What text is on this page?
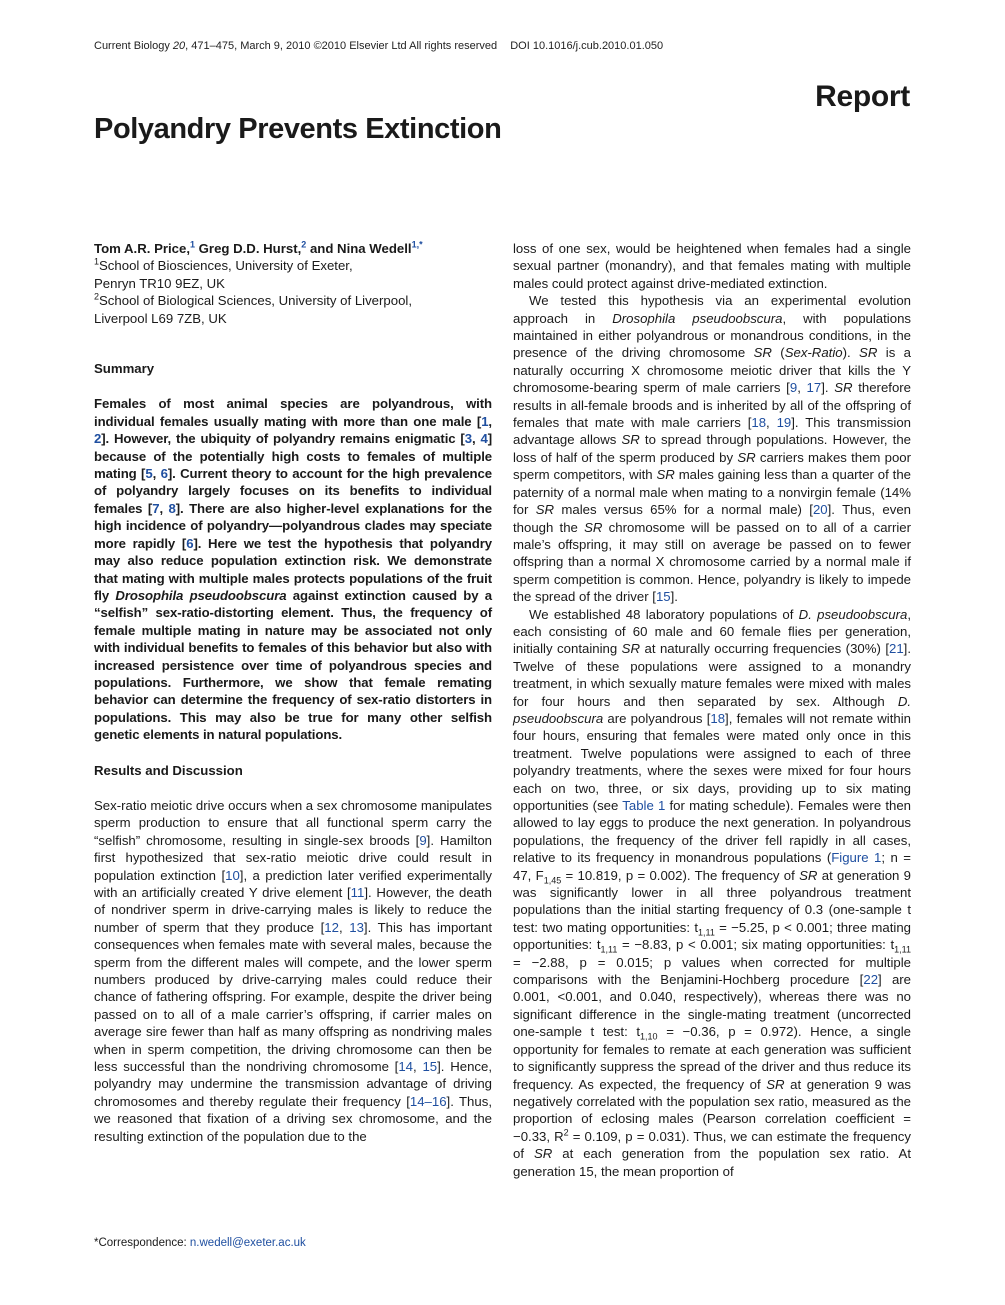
Current Biology 20, 471–475, March 9, 2010 ©2010 Elsevier Ltd All rights reserved DOI 10.1016/j.cub.2010.01.050
Report
Polyandry Prevents Extinction
Tom A.R. Price,$^1$ Greg D.D. Hurst,$^2$ and Nina Wedell$^{1,*}$
$^1$School of Biosciences, University of Exeter,
Penryn TR10 9EZ, UK
$^2$School of Biological Sciences, University of Liverpool,
Liverpool L69 7ZB, UK
Summary

Females of most animal species are polyandrous, with individual females usually mating with more than one male [1, 2]. However, the ubiquity of polyandry remains enigmatic [3, 4] because of the potentially high costs to females of multiple mating [5, 6]. Current theory to account for the high prevalence of polyandry largely focuses on its benefits to individual females [7, 8]. There are also higher-level explanations for the high incidence of polyandry—polyandrous clades may speciate more rapidly [6]. Here we test the hypothesis that polyandry may also reduce population extinction risk. We demonstrate that mating with multiple males protects populations of the fruit fly Drosophila pseudoobscura against extinction caused by a “selfish” sex-ratio-distorting element. Thus, the frequency of female multiple mating in nature may be associated not only with individual benefits to females of this behavior but also with increased persistence over time of polyandrous species and populations. Furthermore, we show that female remating behavior can determine the frequency of sex-ratio distorters in populations. This may also be true for many other selfish genetic elements in natural populations.

Results and Discussion

Sex-ratio meiotic drive occurs when a sex chromosome manipulates sperm production to ensure that all functional sperm carry the “selfish” chromosome, resulting in single-sex broods [9]. Hamilton first hypothesized that sex-ratio meiotic drive could result in population extinction [10], a prediction later verified experimentally with an artificially created Y drive element [11]. However, the death of nondriver sperm in drive-carrying males is likely to reduce the number of sperm that they produce [12, 13]. This has important consequences when females mate with several males, because the sperm from the different males will compete, and the lower sperm numbers produced by drive-carrying males could reduce their chance of fathering offspring. For example, despite the driver being passed on to all of a male carrier’s offspring, if carrier males on average sire fewer than half as many offspring as nondriving males when in sperm competition, the driving chromosome can then be less successful than the nondriving chromosome [14, 15]. Hence, polyandry may undermine the transmission advantage of driving chromosomes and thereby regulate their frequency [14–16]. Thus, we reasoned that fixation of a driving sex chromosome, and the resulting extinction of the population due to the

loss of one sex, would be heightened when females had a single sexual partner (monandry), and that females mating with multiple males could protect against drive-mediated extinction.

We tested this hypothesis via an experimental evolution approach in Drosophila pseudoobscura, with populations maintained in either polyandrous or monandrous conditions, in the presence of the driving chromosome SR (Sex-Ratio). SR is a naturally occurring X chromosome meiotic driver that kills the Y chromosome-bearing sperm of male carriers [9, 17]. SR therefore results in all-female broods and is inherited by all of the offspring of females that mate with male carriers [18, 19]. This transmission advantage allows SR to spread through populations. However, the loss of half of the sperm produced by SR carriers makes them poor sperm competitors, with SR males gaining less than a quarter of the paternity of a normal male when mating to a nonvirgin female (14% for SR males versus 65% for a normal male) [20]. Thus, even though the SR chromosome will be passed on to all of a carrier male’s offspring, it may still on average be passed on to fewer offspring than a normal X chromosome carried by a normal male if sperm competition is common. Hence, polyandry is likely to impede the spread of the driver [15].

We established 48 laboratory populations of D. pseudoobscura, each consisting of 60 male and 60 female flies per generation, initially containing SR at naturally occurring frequencies (30%) [21]. Twelve of these populations were assigned to a monandry treatment, in which sexually mature females were mixed with males for four hours and then separated by sex. Although D. pseudoobscura are polyandrous [18], females will not remate within four hours, ensuring that females were mated only once in this treatment. Twelve populations were assigned to each of three polyandry treatments, where the sexes were mixed for four hours each on two, three, or six days, providing up to six mating opportunities (see Table 1 for mating schedule). Females were then allowed to lay eggs to produce the next generation. In polyandrous populations, the frequency of the driver fell rapidly in all cases, relative to its frequency in monandrous populations (Figure 1; n = 47, $F_{1,45} = 10.819$, p = 0.002). The frequency of SR at generation 9 was significantly lower in all three polyandrous treatment populations than the initial starting frequency of 0.3 (one-sample t test: two mating opportunities: $t_{1,11} = -5.25$, p < 0.001; three mating opportunities: $t_{1,11} = -8.83$, p < 0.001; six mating opportunities: $t_{1,11} = -2.88$, p = 0.015; p values when corrected for multiple comparisons with the Benjamini-Hochberg procedure [22] are 0.001, <0.001, and 0.040, respectively), whereas there was no significant difference in the single-mating treatment (uncorrected one-sample t test: $t_{1,10} = -0.36$, p = 0.972). Hence, a single opportunity for females to remate at each generation was sufficient to significantly suppress the spread of the driver and thus reduce its frequency. As expected, the frequency of SR at generation 9 was negatively correlated with the population sex ratio, measured as the proportion of eclosing males (Pearson correlation coefficient = −0.33, $R^2 = 0.109$, p = 0.031). Thus, we can estimate the frequency of SR at each generation from the population sex ratio. At generation 15, the mean proportion of

*Correspondence: n.wedell@exeter.ac.uk
